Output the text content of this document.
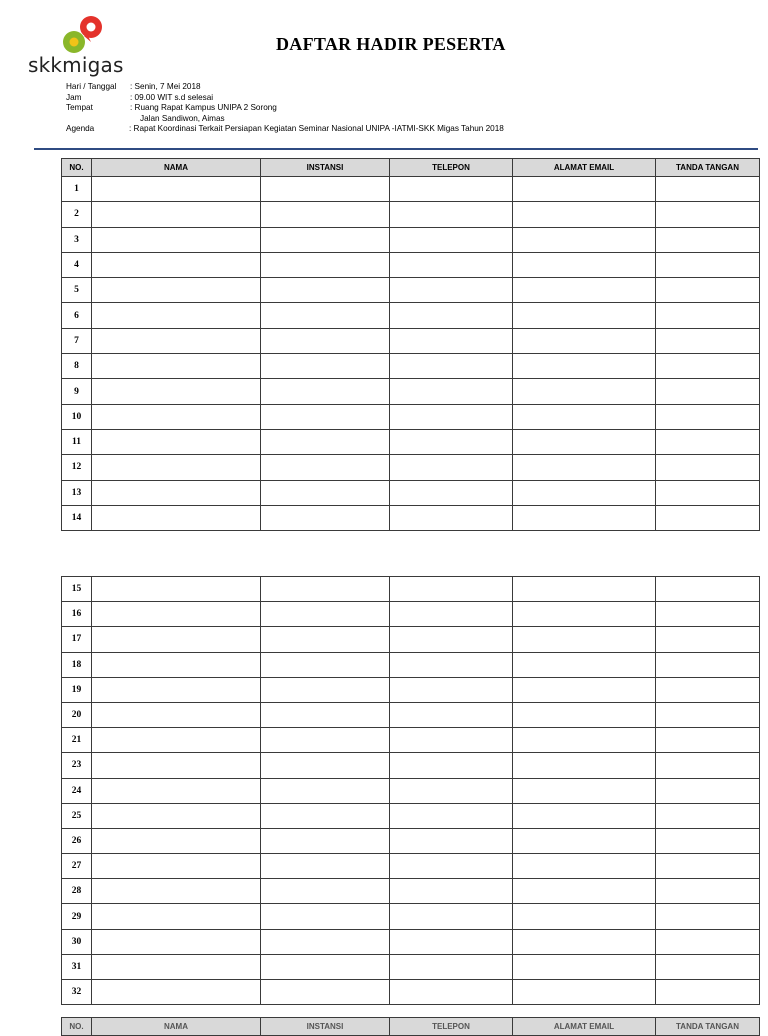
skkmigas
DAFTAR HADIR PESERTA
Hari / Tanggal : Senin, 7 Mei 2018
Jam	: 09.00 WIT s.d selesai
Tempat	: Ruang Rapat Kampus UNIPA 2 Sorong
Jalan Sandiwon, Aimas
Agenda	: Rapat Koordinasi Terkait Persiapan Kegiatan Seminar Nasional UNIPA -IATMI-SKK Migas Tahun 2018
NO.	NAMA	INSTANSI	TELEPON	ALAMAT EMAIL	TANDA TANGAN
1					
2					
3					
4					
5					
6					
7					
8					
9					
10					
11					
12					
13					
14					
15					
16					
17					
18					
19					
20					
21					
23					
24					
25					
26					
27					
28					
29					
30					
31					
32					
NO.	NAMA	INSTANSI	TELEPON	ALAMAT EMAIL	TANDA TANGAN
